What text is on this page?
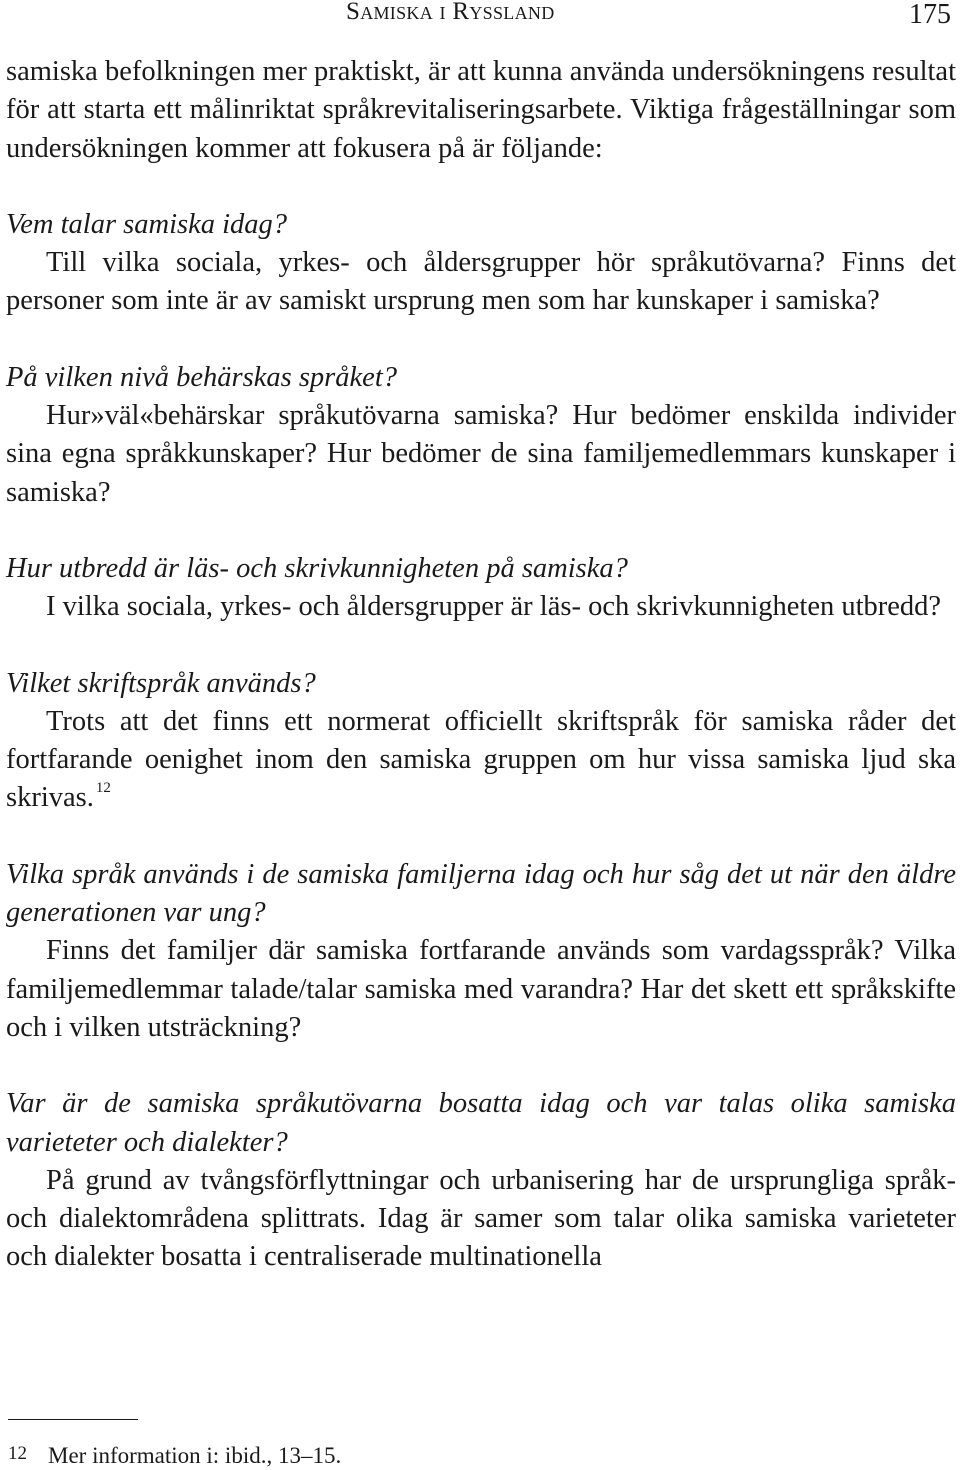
Samiska i Ryssland	175

samiska befolkningen mer praktiskt, är att kunna använda undersökningens resultat för att starta ett målinriktat språkrevitaliseringsarbete. Viktiga frågeställningar som undersökningen kommer att fokusera på är följande:

Vem talar samiska idag?

Till vilka sociala, yrkes- och åldersgrupper hör språkutövarna? Finns det personer som inte är av samiskt ursprung men som har kunskaper i samiska?

På vilken nivå behärskas språket?

Hur»väl«behärskar språkutövarna samiska? Hur bedömer enskilda individer sina egna språkkunskaper? Hur bedömer de sina familjemedlemmars kunskaper i samiska?

Hur utbredd är läs- och skrivkunnigheten på samiska?

I vilka sociala, yrkes- och åldersgrupper är läs- och skrivkunnigheten utbredd?

Vilket skriftspråk används?

Trots att det finns ett normerat officiellt skriftspråk för samiska råder det fortfarande oenighet inom den samiska gruppen om hur vissa samiska ljud ska skrivas. $^{12}$

Vilka språk används i de samiska familjerna idag och hur såg det ut när den äldre generationen var ung?

Finns det familjer där samiska fortfarande används som vardagsspråk? Vilka familjemedlemmar talade/talar samiska med varandra? Har det skett ett språkskifte och i vilken utsträckning?

Var är de samiska språkutövarna bosatta idag och var talas olika samiska varieteter och dialekter?

På grund av tvångsförflyttningar och urbanisering har de ursprungliga språk- och dialektområdena splittrats. Idag är samer som talar olika samiska varieteter och dialekter bosatta i centraliserade multinationella

12 Mer information i: ibid., 13–15.
